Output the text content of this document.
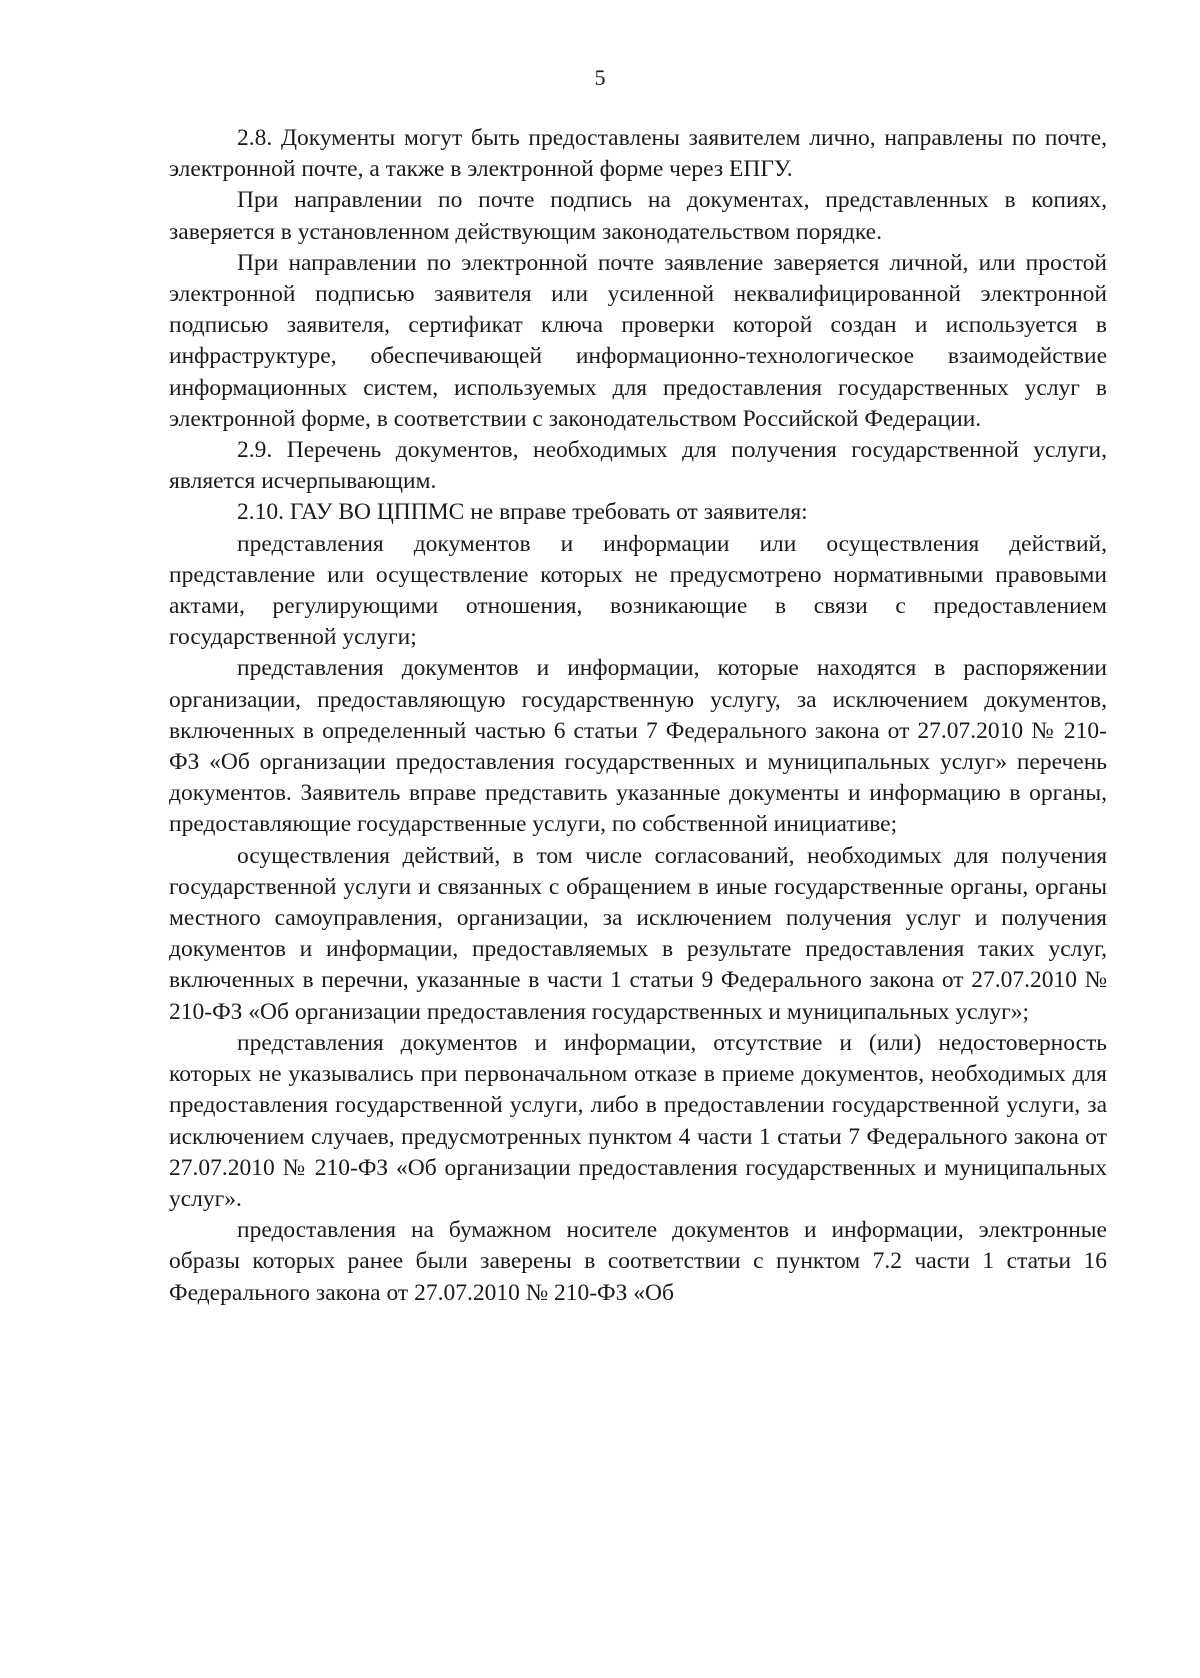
5

2.8. Документы могут быть предоставлены заявителем лично, направлены по почте, электронной почте, а также в электронной форме через ЕПГУ.

При направлении по почте подпись на документах, представленных в копиях, заверяется в установленном действующим законодательством порядке.

При направлении по электронной почте заявление заверяется личной, или простой электронной подписью заявителя или усиленной неквалифицированной электронной подписью заявителя, сертификат ключа проверки которой создан и используется в инфраструктуре, обеспечивающей информационно-технологическое взаимодействие информационных систем, используемых для предоставления государственных услуг в электронной форме, в соответствии с законодательством Российской Федерации.

2.9. Перечень документов, необходимых для получения государственной услуги, является исчерпывающим.

2.10. ГАУ ВО ЦППМС не вправе требовать от заявителя:

представления документов и информации или осуществления действий, представление или осуществление которых не предусмотрено нормативными правовыми актами, регулирующими отношения, возникающие в связи с предоставлением государственной услуги;

представления документов и информации, которые находятся в распоряжении организации, предоставляющую государственную услугу, за исключением документов, включенных в определенный частью 6 статьи 7 Федерального закона от 27.07.2010 № 210-ФЗ «Об организации предоставления государственных и муниципальных услуг» перечень документов. Заявитель вправе представить указанные документы и информацию в органы, предоставляющие государственные услуги, по собственной инициативе;

осуществления действий, в том числе согласований, необходимых для получения государственной услуги и связанных с обращением в иные государственные органы, органы местного самоуправления, организации, за исключением получения услуг и получения документов и информации, предоставляемых в результате предоставления таких услуг, включенных в перечни, указанные в части 1 статьи 9 Федерального закона от 27.07.2010 № 210-ФЗ «Об организации предоставления государственных и муниципальных услуг»;

представления документов и информации, отсутствие и (или) недостоверность которых не указывались при первоначальном отказе в приеме документов, необходимых для предоставления государственной услуги, либо в предоставлении государственной услуги, за исключением случаев, предусмотренных пунктом 4 части 1 статьи 7 Федерального закона от 27.07.2010 № 210-ФЗ «Об организации предоставления государственных и муниципальных услуг».

предоставления на бумажном носителе документов и информации, электронные образы которых ранее были заверены в соответствии с пунктом 7.2 части 1 статьи 16 Федерального закона от 27.07.2010 № 210-ФЗ «Об
